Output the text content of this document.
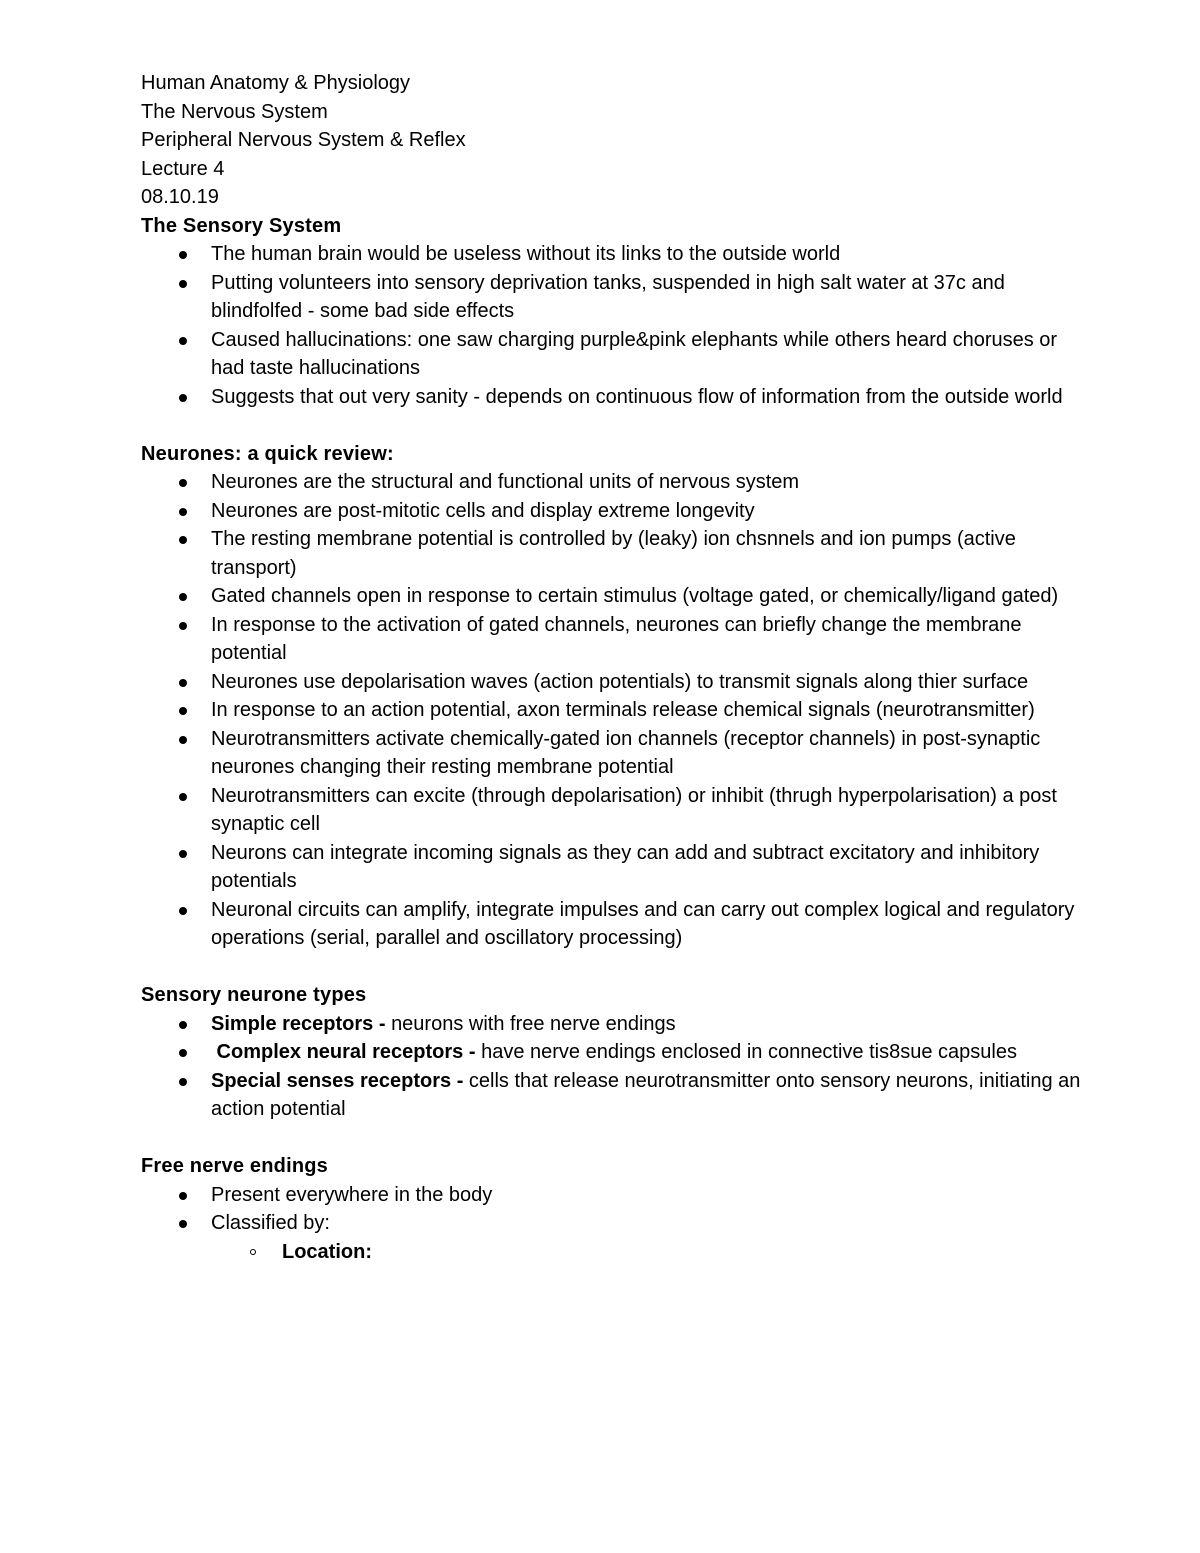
Human Anatomy & Physiology
The Nervous System
Peripheral Nervous System & Reflex
Lecture 4
08.10.19
The Sensory System
The human brain would be useless without its links to the outside world
Putting volunteers into sensory deprivation tanks, suspended in high salt water at 37c and blindfolfed - some bad side effects
Caused hallucinations: one saw charging purple&pink elephants while others heard choruses or had taste hallucinations
Suggests that out very sanity - depends on continuous flow of information from the outside world
Neurones: a quick review:
Neurones are the structural and functional units of nervous system
Neurones are post-mitotic cells and display extreme longevity
The resting membrane potential is controlled by (leaky) ion chsnnels and ion pumps (active transport)
Gated channels open in response to certain stimulus (voltage gated, or chemically/ligand gated)
In response to the activation of gated channels, neurones can briefly change the membrane potential
Neurones use depolarisation waves (action potentials) to transmit signals along thier surface
In response to an action potential, axon terminals release chemical signals (neurotransmitter)
Neurotransmitters activate chemically-gated ion channels (receptor channels) in post-synaptic neurones changing their resting membrane potential
Neurotransmitters can excite (through depolarisation) or inhibit (thrugh hyperpolarisation) a post synaptic cell
Neurons can integrate incoming signals as they can add and subtract excitatory and inhibitory potentials
Neuronal circuits can amplify, integrate impulses and can carry out complex logical and regulatory operations (serial, parallel and oscillatory processing)
Sensory neurone types
Simple receptors - neurons with free nerve endings
Complex neural receptors - have nerve endings enclosed in connective tis8sue capsules
Special senses receptors - cells that release neurotransmitter onto sensory neurons, initiating an action potential
Free nerve endings
Present everywhere in the body
Classified by:
Location:
